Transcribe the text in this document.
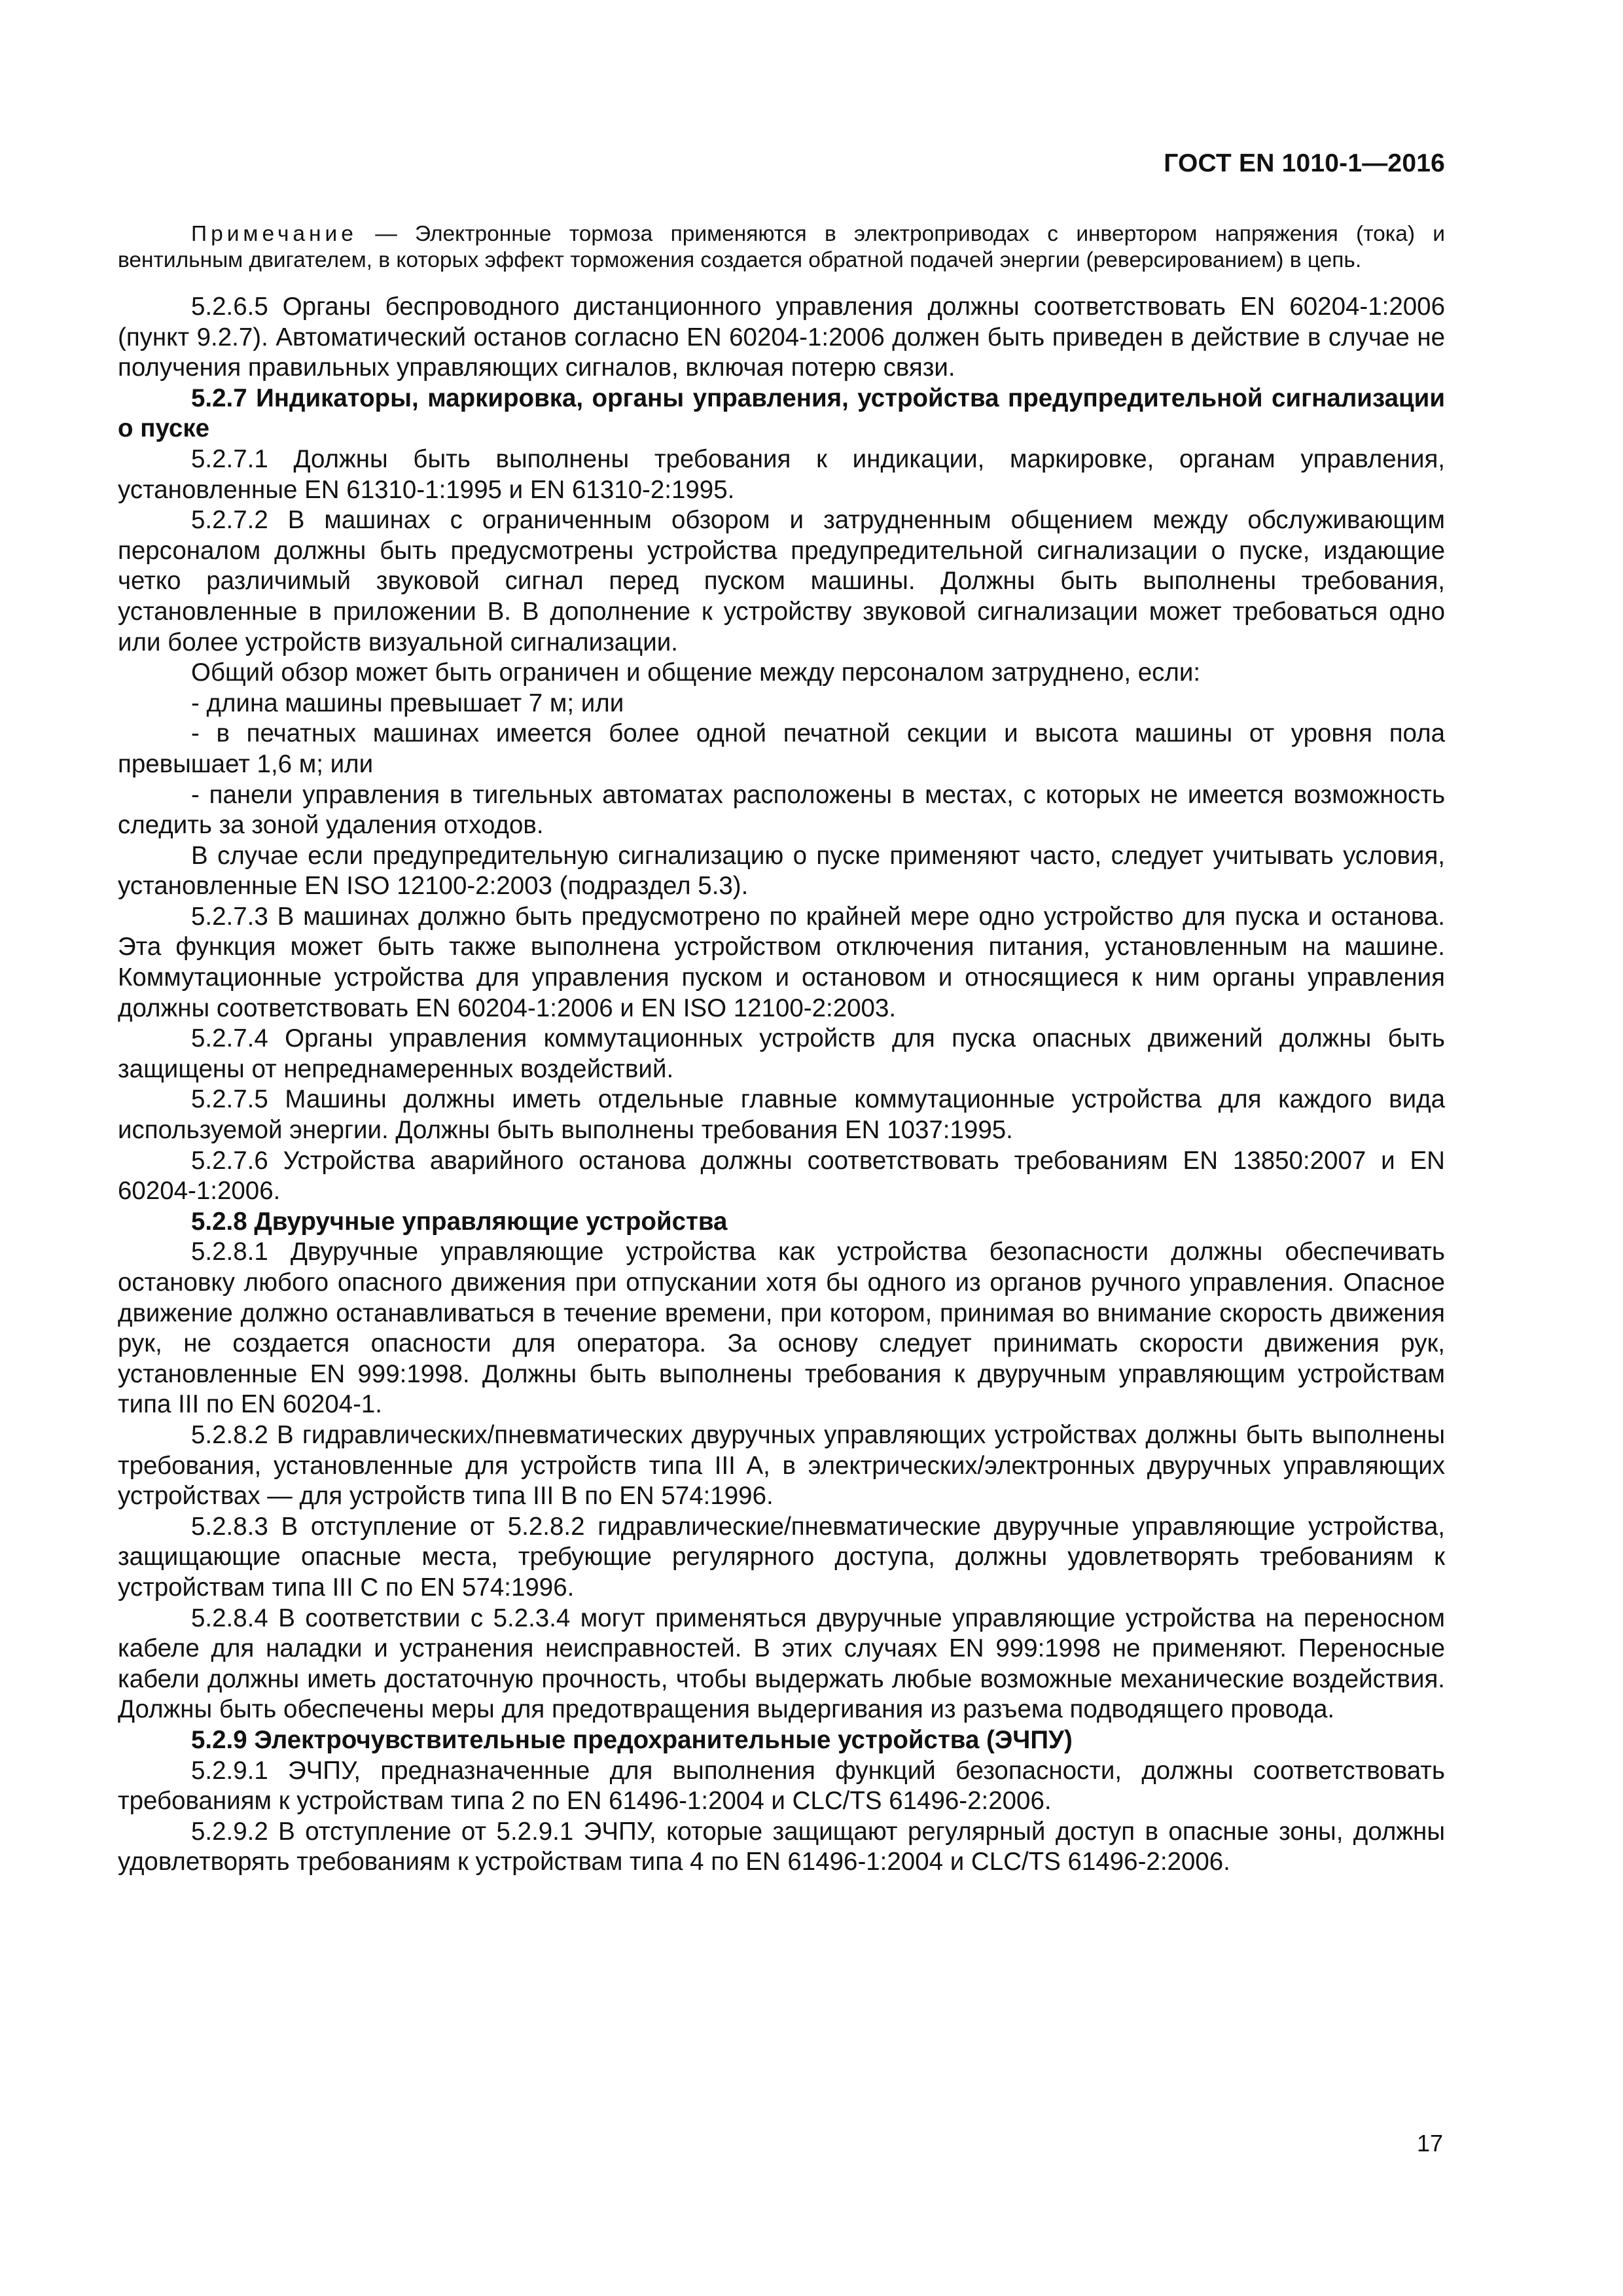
ГОСТ EN 1010-1—2016

Примечание — Электронные тормоза применяются в электроприводах с инвертором напряжения (тока) и вентильным двигателем, в которых эффект торможения создается обратной подачей энергии (реверсированием) в цепь.

5.2.6.5 Органы беспроводного дистанционного управления должны соответствовать EN 60204-1:2006 (пункт 9.2.7). Автоматический останов согласно EN 60204-1:2006 должен быть приведен в действие в случае не получения правильных управляющих сигналов, включая потерю связи.

5.2.7 Индикаторы, маркировка, органы управления, устройства предупредительной сигнализации о пуске

5.2.7.1 Должны быть выполнены требования к индикации, маркировке, органам управления, установленные EN 61310-1:1995 и EN 61310-2:1995.

5.2.7.2 В машинах с ограниченным обзором и затрудненным общением между обслуживающим персоналом должны быть предусмотрены устройства предупредительной сигнализации о пуске, издающие четко различимый звуковой сигнал перед пуском машины. Должны быть выполнены требования, установленные в приложении B. В дополнение к устройству звуковой сигнализации может требоваться одно или более устройств визуальной сигнализации.

Общий обзор может быть ограничен и общение между персоналом затруднено, если:

- длина машины превышает 7 м; или

- в печатных машинах имеется более одной печатной секции и высота машины от уровня пола превышает 1,6 м; или

- панели управления в тигельных автоматах расположены в местах, с которых не имеется возможность следить за зоной удаления отходов.

В случае если предупредительную сигнализацию о пуске применяют часто, следует учитывать условия, установленные EN ISO 12100-2:2003 (подраздел 5.3).

5.2.7.3 В машинах должно быть предусмотрено по крайней мере одно устройство для пуска и останова. Эта функция может быть также выполнена устройством отключения питания, установленным на машине. Коммутационные устройства для управления пуском и остановом и относящиеся к ним органы управления должны соответствовать EN 60204-1:2006 и EN ISO 12100-2:2003.

5.2.7.4 Органы управления коммутационных устройств для пуска опасных движений должны быть защищены от непреднамеренных воздействий.

5.2.7.5 Машины должны иметь отдельные главные коммутационные устройства для каждого вида используемой энергии. Должны быть выполнены требования EN 1037:1995.

5.2.7.6 Устройства аварийного останова должны соответствовать требованиям EN 13850:2007 и EN 60204-1:2006.

5.2.8 Двуручные управляющие устройства

5.2.8.1 Двуручные управляющие устройства как устройства безопасности должны обеспечивать остановку любого опасного движения при отпускании хотя бы одного из органов ручного управления. Опасное движение должно останавливаться в течение времени, при котором, принимая во внимание скорость движения рук, не создается опасности для оператора. За основу следует принимать скорости движения рук, установленные EN 999:1998. Должны быть выполнены требования к двуручным управляющим устройствам типа III по EN 60204-1.

5.2.8.2 В гидравлических/пневматических двуручных управляющих устройствах должны быть выполнены требования, установленные для устройств типа III A, в электрических/электронных двуручных управляющих устройствах — для устройств типа III B по EN 574:1996.

5.2.8.3 В отступление от 5.2.8.2 гидравлические/пневматические двуручные управляющие устройства, защищающие опасные места, требующие регулярного доступа, должны удовлетворять требованиям к устройствам типа III C по EN 574:1996.

5.2.8.4 В соответствии с 5.2.3.4 могут применяться двуручные управляющие устройства на переносном кабеле для наладки и устранения неисправностей. В этих случаях EN 999:1998 не применяют. Переносные кабели должны иметь достаточную прочность, чтобы выдержать любые возможные механические воздействия. Должны быть обеспечены меры для предотвращения выдергивания из разъема подводящего провода.

5.2.9 Электрочувствительные предохранительные устройства (ЭЧПУ)

5.2.9.1 ЭЧПУ, предназначенные для выполнения функций безопасности, должны соответствовать требованиям к устройствам типа 2 по EN 61496-1:2004 и CLC/TS 61496-2:2006.

5.2.9.2 В отступление от 5.2.9.1 ЭЧПУ, которые защищают регулярный доступ в опасные зоны, должны удовлетворять требованиям к устройствам типа 4 по EN 61496-1:2004 и CLC/TS 61496-2:2006.

17
